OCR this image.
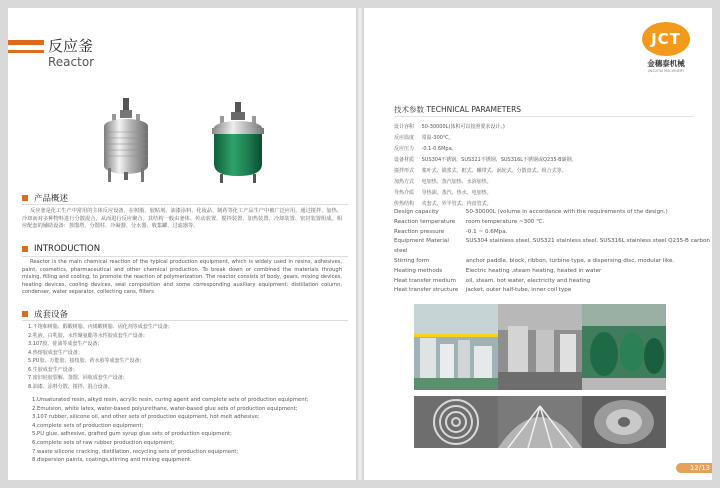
反应釜
Reactor
产品概述
反应釜是化工生产中常用的主体反应设备，在树脂、胶粘剂、油漆涂料、化妆品、制药等化工产品生产中被广泛应用。通过搅拌、加热、冷却而对多种物料进行分散混合，从而进行反应聚合。其结构一般由釜体、传动装置、搅拌装置、加热装置、冷却装置、密封装置组成。相应配套的辅助设备：蒸馏塔、分馏柱、冷凝器、分水器、收集罐、过滤器等。
INTRODUCTION
Reactor is the main chemical reaction of the typical production equipment, which is widely used in resins, adhesives, paint, cosmetics, pharmaceutical and other chemical production. To break down or combined the materials through mixing, filling and cooling, to promote the reaction of polymerization. The reactor consists of body, gears, mixing devices, heating devices, cooling devices, seal composition and some corresponding auxiliary equipment: distillation column, condenser, water separator, collecting cans, filters
成套设备
1.不饱和树脂、醇酸树脂、丙烯酸树脂、固化剂等成套生产设备；
2.乳液、白乳胶、水性聚氨酯等水性胶成套生产设备；
3.107胶、硅油等成套生产设备；
4.热熔胶成套生产设备；
5.PU胶、万能胶、接枝胶、药水胶等成套生产设备；
6.生胶成套生产设备；
7.废旧硅胶裂解、蒸馏、回收成套生产设备；
8.油漆、涂料分散、搅拌、混合设备。
1.Unsaturated resin, alkyd resin, acrylic resin, curing agent and complete sets of production equipment;
2.Emulsion, white latex, water-based polyurethane, water-based glue sets of production equipment;
3.107 rubber, silicone oil, and other sets of production equipment, hot melt adhesive;
4.complete sets of production equipment;
5.PU glue, adhesive, grafted gum syrup glue sets of production equipment;
6.complete sets of raw rubber production equipment;
7.waste silicone cracking, distillation, recycling sets of production equipment;
8.dispersion paints, coatings,stirring and mixing equipment.
JCT
金穗泰机械
JINSUITAI MACHINERY
技术参数 TECHNICAL PARAMETERS
设计容积 50-30000L(体积可以按照要求设计。)
反应温度 常温-300℃。
反应压力 -0.1-0.6Mpa。
设备材质 SUS304不锈钢、SUS321不锈钢、SUS316L不锈钢或Q235-B碳钢。
搅拌形式 桨叶式、锚浆式、框式、螺带式、涡轮式、分散盘式、组合式等。
加热方式 电加热、蒸汽加热、水浴加热。
导热介质 导热油、蒸汽、热水、电加热。
传热结构 夹套式、外半管式、内盘管式。
Design capacity	50-30000L (volume in accordance with the requirements of the design.)
Reaction temperature room temperature ~300 ℃.
Reaction pressure	-0.1 ~ 0.6Mpa.
Equipment Material	SUS304 stainless steel, SUS321 stainless steel, SUS316L stainless steel Q235-B carbon steel
Stirring form	anchor paddle, block, ribbon, turbine type, a dispersing disc, modular like.
Heating methods	Electric heating ,steam heating, heated in water
Heat transfer medium oil, steam, hot water, electricity and heating
Heat transfer structure jacket, outer half-tube, inner coil type
12/13
